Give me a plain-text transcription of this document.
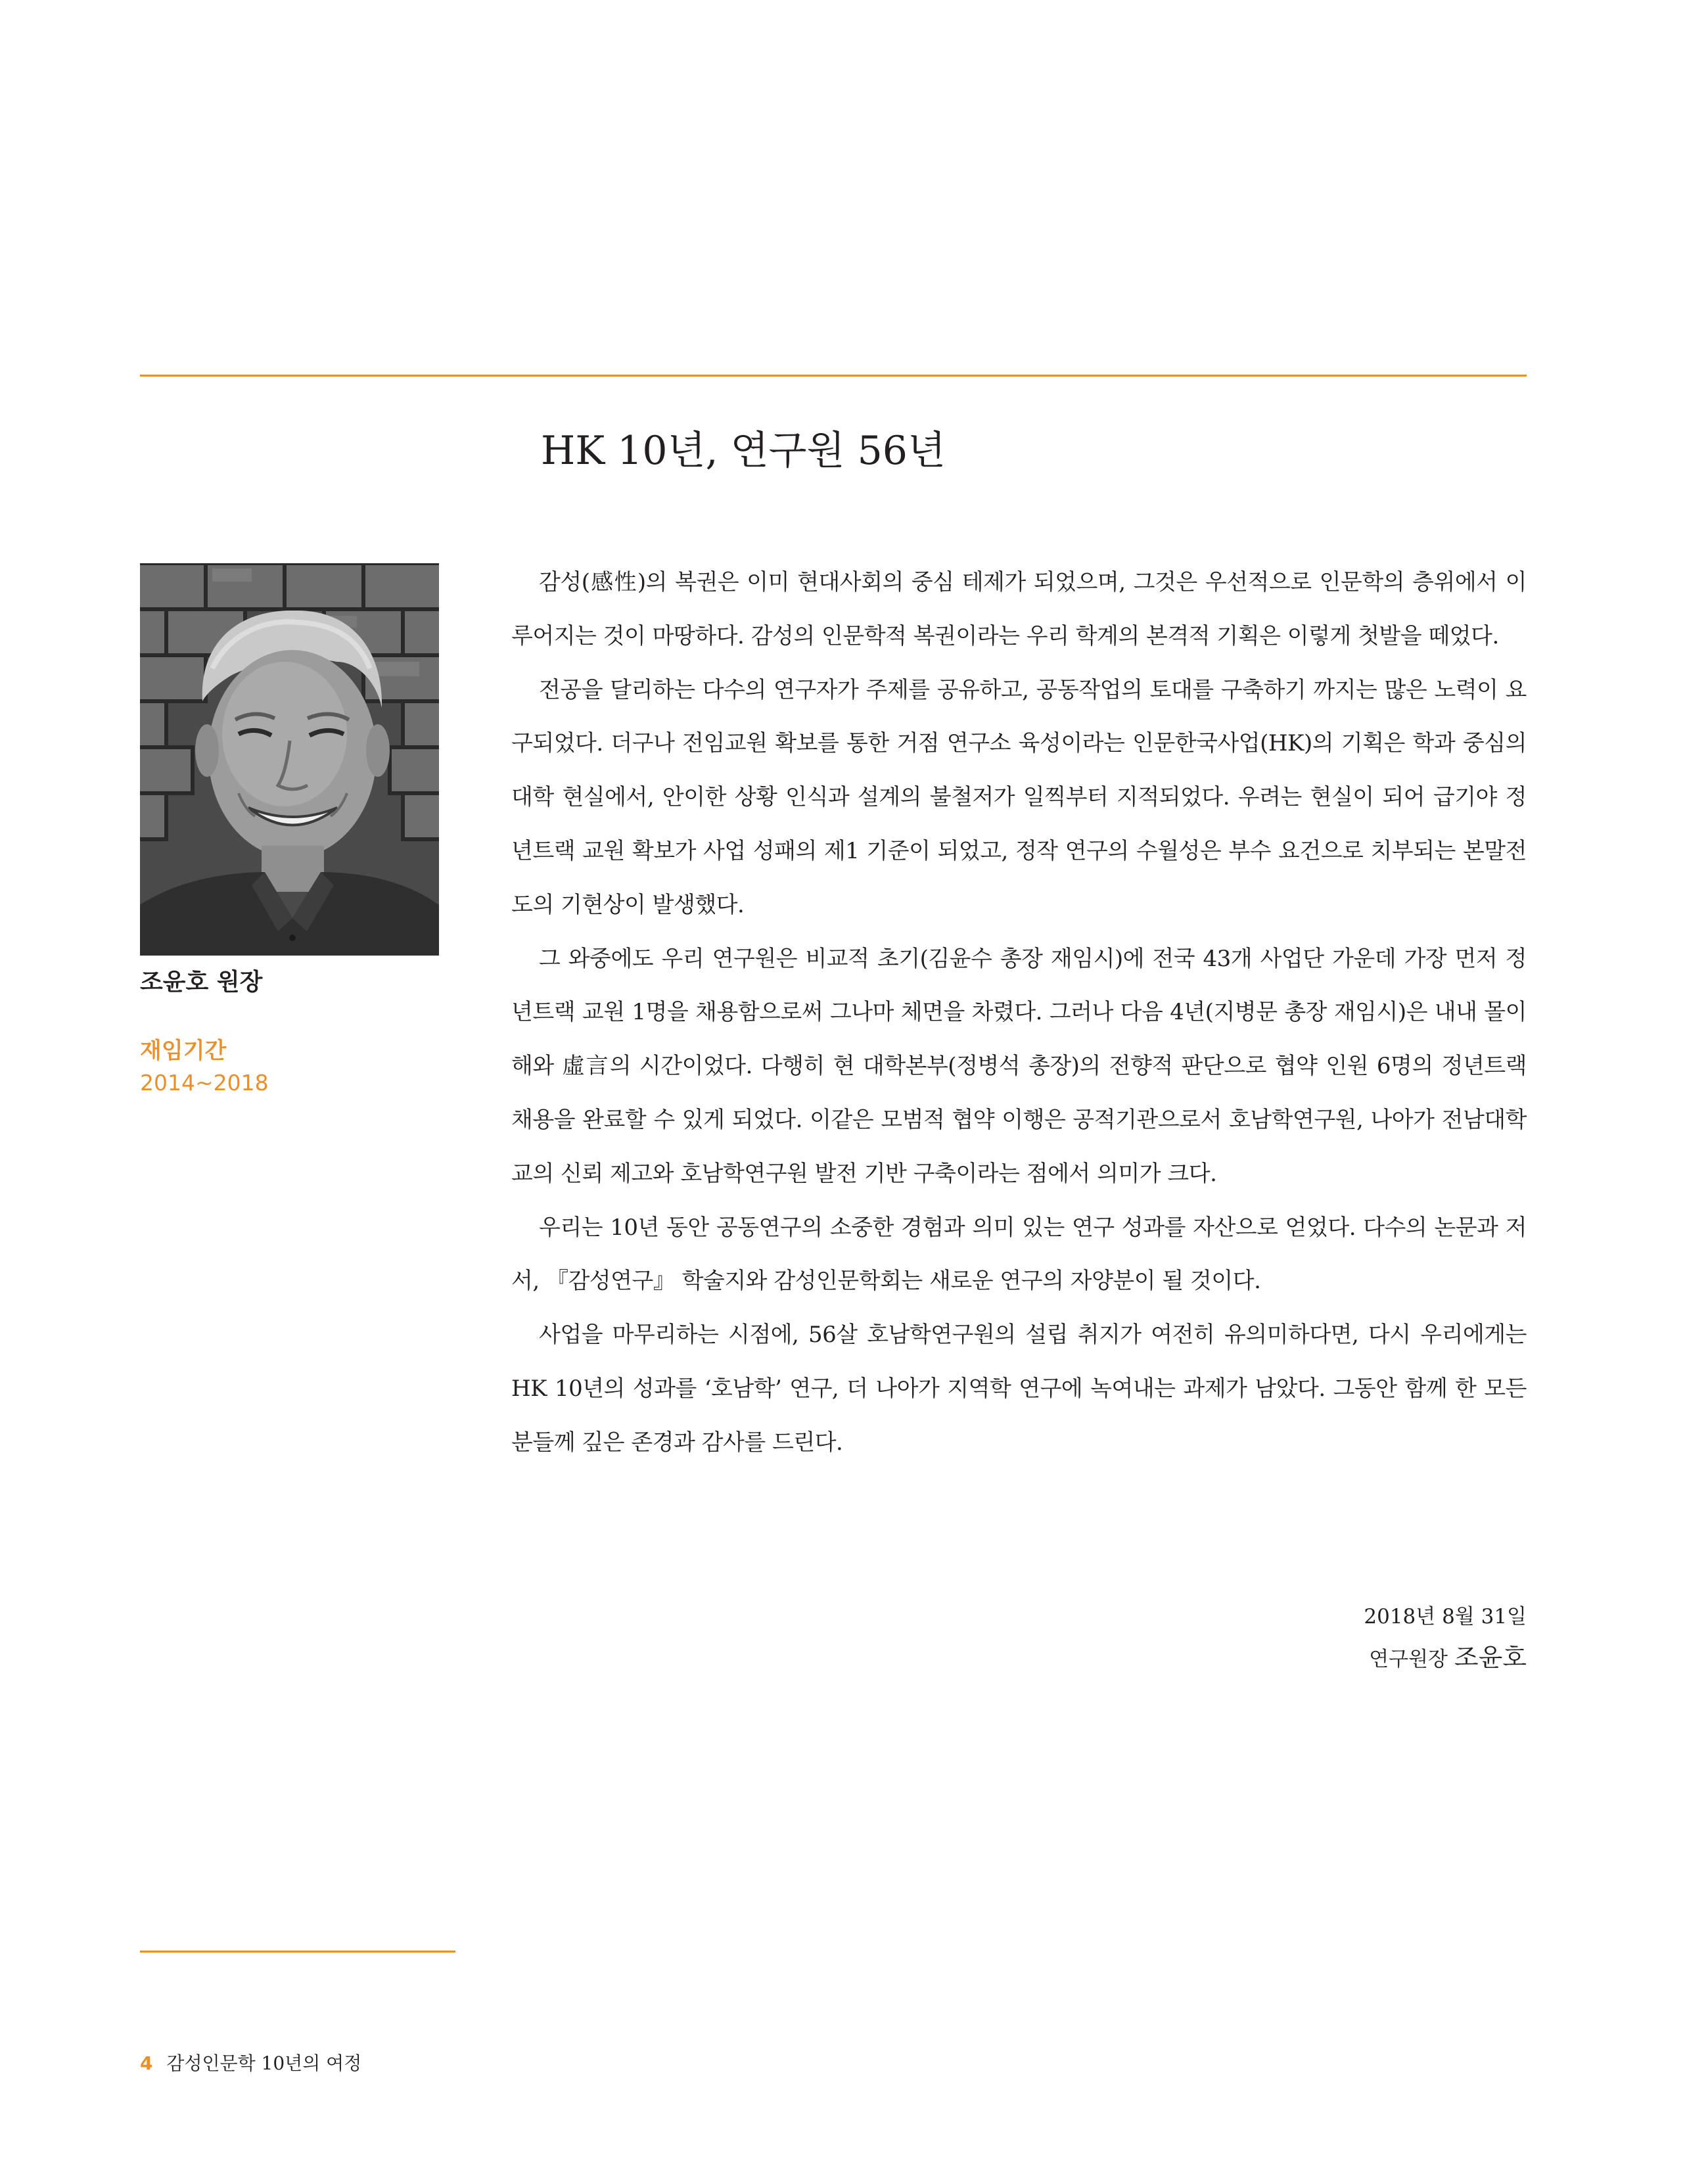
HK 10년, 연구원 56년
조윤호 원장
재임기간
2014~2018

감성(感性)의 복권은 이미 현대사회의 중심 테제가 되었으며, 그것은 우선적으로 인문학의 층위에서 이루어지는 것이 마땅하다. 감성의 인문학적 복권이라는 우리 학계의 본격적 기획은 이렇게 첫발을 떼었다.

전공을 달리하는 다수의 연구자가 주제를 공유하고, 공동작업의 토대를 구축하기 까지는 많은 노력이 요구되었다. 더구나 전임교원 확보를 통한 거점 연구소 육성이라는 인문한국사업(HK)의 기획은 학과 중심의 대학 현실에서, 안이한 상황 인식과 설계의 불철저가 일찍부터 지적되었다. 우려는 현실이 되어 급기야 정년트랙 교원 확보가 사업 성패의 제1 기준이 되었고, 정작 연구의 수월성은 부수 요건으로 치부되는 본말전도의 기현상이 발생했다.

그 와중에도 우리 연구원은 비교적 초기(김윤수 총장 재임시)에 전국 43개 사업단 가운데 가장 먼저 정년트랙 교원 1명을 채용함으로써 그나마 체면을 차렸다. 그러나 다음 4년(지병문 총장 재임시)은 내내 몰이해와 虛言의 시간이었다. 다행히 현 대학본부(정병석 총장)의 전향적 판단으로 협약 인원 6명의 정년트랙 채용을 완료할 수 있게 되었다. 이같은 모범적 협약 이행은 공적기관으로서 호남학연구원, 나아가 전남대학교의 신뢰 제고와 호남학연구원 발전 기반 구축이라는 점에서 의미가 크다.

우리는 10년 동안 공동연구의 소중한 경험과 의미 있는 연구 성과를 자산으로 얻었다. 다수의 논문과 저서, 『감성연구』 학술지와 감성인문학회는 새로운 연구의 자양분이 될 것이다.

사업을 마무리하는 시점에, 56살 호남학연구원의 설립 취지가 여전히 유의미하다면, 다시 우리에게는 HK 10년의 성과를 ‘호남학’ 연구, 더 나아가 지역학 연구에 녹여내는 과제가 남았다. 그동안 함께 한 모든 분들께 깊은 존경과 감사를 드린다.

2018년 8월 31일
연구원장 조윤호
4 감성인문학 10년의 여정
